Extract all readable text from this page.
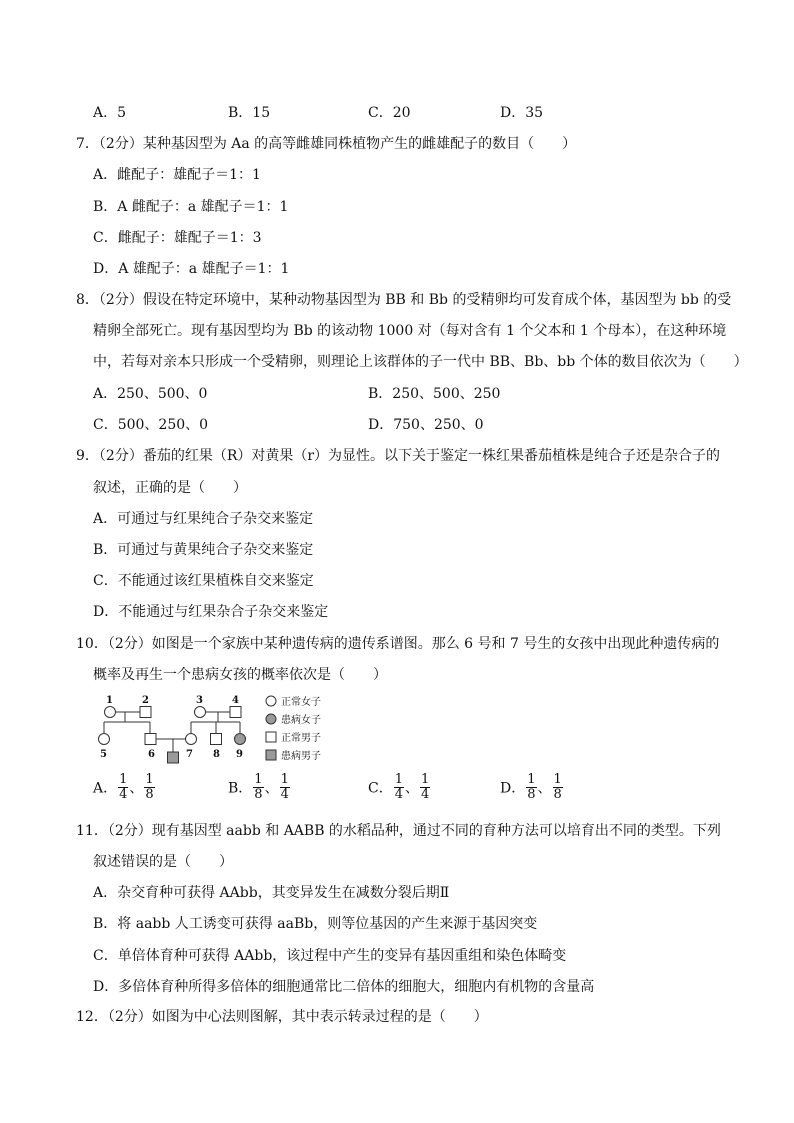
A．5	B．15	C．20	D．35
7．（2分）某种基因型为 Aa 的高等雌雄同株植物产生的雌雄配子的数目（　　）
A．雌配子：雄配子＝1：1
B．A 雌配子：a 雄配子＝1：1
C．雌配子：雄配子＝1：3
D．A 雄配子：a 雄配子＝1：1
8．（2分）假设在特定环境中，某种动物基因型为 BB 和 Bb 的受精卵均可发育成个体，基因型为 bb 的受
精卵全部死亡。现有基因型均为 Bb 的该动物 1000 对（每对含有 1 个父本和 1 个母本），在这种环境
中，若每对亲本只形成一个受精卵，则理论上该群体的子一代中 BB、Bb、bb 个体的数目依次为（　　）
A．250、500、0	B．250、500、250
C．500、250、0	D．750、250、0
9．（2分）番茄的红果（R）对黄果（r）为显性。以下关于鉴定一株红果番茄植株是纯合子还是杂合子的
叙述，正确的是（　　）
A．可通过与红果纯合子杂交来鉴定
B．可通过与黄果纯合子杂交来鉴定
C．不能通过该红果植株自交来鉴定
D．不能通过与红果杂合子杂交来鉴定
10．（2分）如图是一个家族中某种遗传病的遗传系谱图。那么 6 号和 7 号生的女孩中出现此种遗传病的
概率及再生一个患病女孩的概率依次是（　　）
1	2	3	4
5	6	7 8 9
正常女子
患病女子
正常男子
患病男子
A． $\frac{1}{4}$ 、 $\frac{1}{8}$	B． $\frac{1}{8}$ 、 $\frac{1}{4}$	C． $\frac{1}{4}$ 、 $\frac{1}{4}$	D． $\frac{1}{8}$ 、 $\frac{1}{8}$
11．（2分）现有基因型 aabb 和 AABB 的水稻品种，通过不同的育种方法可以培育出不同的类型。下列
叙述错误的是（　　）
A．杂交育种可获得 AAbb，其变异发生在减数分裂后期Ⅱ
B．将 aabb 人工诱变可获得 aaBb，则等位基因的产生来源于基因突变
C．单倍体育种可获得 AAbb，该过程中产生的变异有基因重组和染色体畸变
D．多倍体育种所得多倍体的细胞通常比二倍体的细胞大，细胞内有机物的含量高
12．（2分）如图为中心法则图解，其中表示转录过程的是（　　）
